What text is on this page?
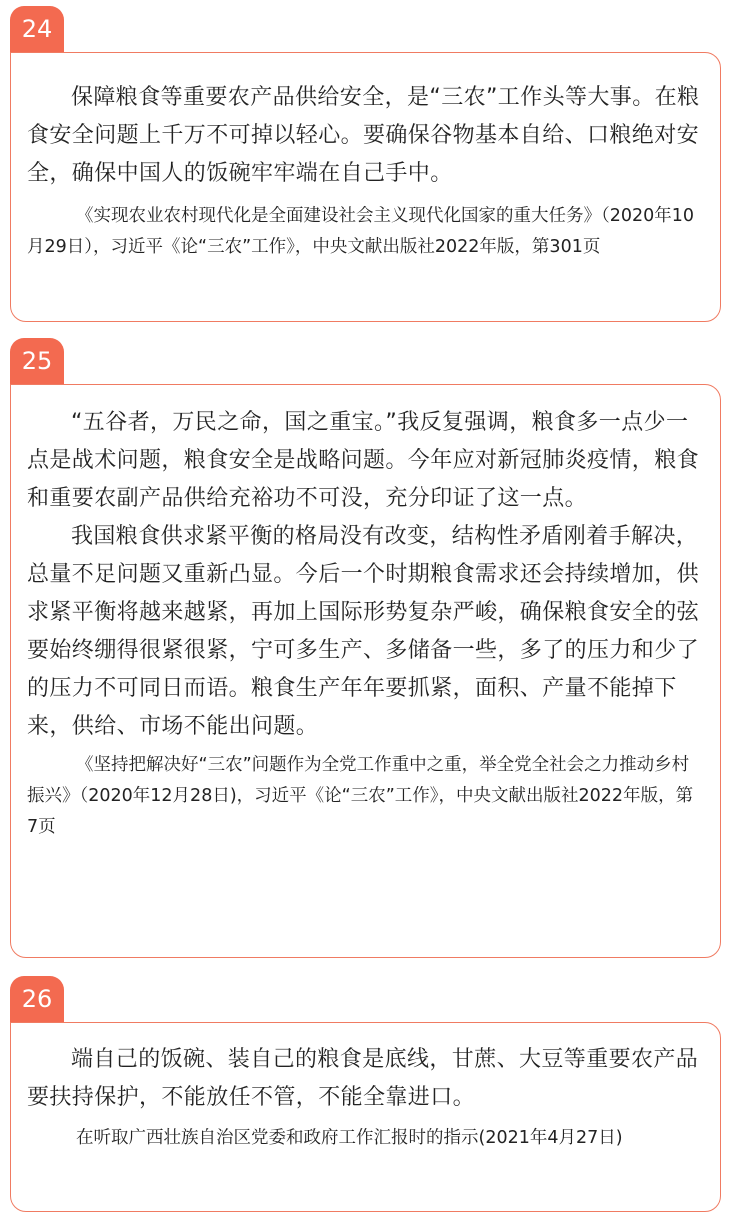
24

保障粮食等重要农产品供给安全，是“三农”工作头等大事。在粮食安全问题上千万不可掉以轻心。要确保谷物基本自给、口粮绝对安全，确保中国人的饭碗牢牢端在自己手中。

《实现农业农村现代化是全面建设社会主义现代化国家的重大任务》（2020年10月29日），习近平《论“三农”工作》，中央文献出版社2022年版，第301页

25

“五谷者，万民之命，国之重宝。”我反复强调，粮食多一点少一点是战术问题，粮食安全是战略问题。今年应对新冠肺炎疫情，粮食和重要农副产品供给充裕功不可没，充分印证了这一点。

我国粮食供求紧平衡的格局没有改变，结构性矛盾刚着手解决，总量不足问题又重新凸显。今后一个时期粮食需求还会持续增加，供求紧平衡将越来越紧，再加上国际形势复杂严峻，确保粮食安全的弦要始终绷得很紧很紧，宁可多生产、多储备一些，多了的压力和少了的压力不可同日而语。粮食生产年年要抓紧，面积、产量不能掉下来，供给、市场不能出问题。

《坚持把解决好“三农”问题作为全党工作重中之重，举全党全社会之力推动乡村振兴》（2020年12月28日)，习近平《论“三农”工作》，中央文献出版社2022年版，第7页

26

端自己的饭碗、装自己的粮食是底线，甘蔗、大豆等重要农产品要扶持保护，不能放任不管，不能全靠进口。

在听取广西壮族自治区党委和政府工作汇报时的指示(2021年4月27日)
